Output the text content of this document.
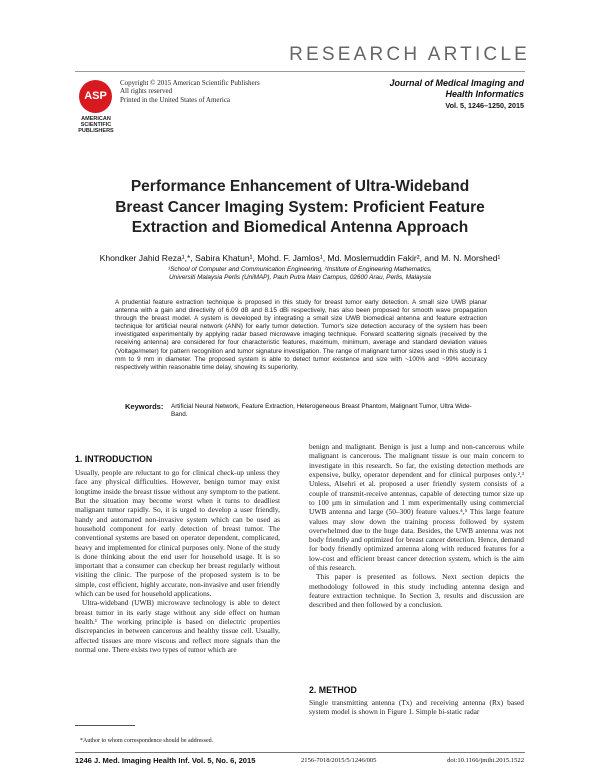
RESEARCH ARTICLE
ASP
AMERICAN SCIENTIFIC PUBLISHERS
Copyright © 2015 American Scientific Publishers
All rights reserved
Printed in the United States of America
Journal of Medical Imaging and
Health Informatics
Vol. 5, 1246–1250, 2015
Performance Enhancement of Ultra-Wideband
Breast Cancer Imaging System: Proficient Feature
Extraction and Biomedical Antenna Approach
Khondker Jahid Reza¹,*, Sabira Khatun¹, Mohd. F. Jamlos¹, Md. Moslemuddin Fakir², and M. N. Morshed¹
¹School of Computer and Communication Engineering, ²Institute of Engineering Mathematics,
Universiti Malaysia Perlis (UniMAP), Pauh Putra Main Campus, 02600 Arau, Perlis, Malaysia
A prudential feature extraction technique is proposed in this study for breast tumor early detection. A small size UWB planar antenna with a gain and directivity of 6.09 dB and 8.15 dBi respectively, has also been proposed for smooth wave propagation through the breast model. A system is developed by integrating a small size UWB biomedical antenna and feature extraction technique for artificial neural network (ANN) for early tumor detection. Tumor's size detection accuracy of the system has been investigated experimentally by applying radar based microwave imaging technique. Forward scattering signals (received by the receiving antenna) are considered for four characteristic features, maximum, minimum, average and standard deviation values (Voltage/meter) for pattern recognition and tumor signature investigation. The range of malignant tumor sizes used in this study is 1 mm to 9 mm in diameter. The proposed system is able to detect tumor existence and size with ~100% and ~99% accuracy respectively within reasonable time delay, showing its superiority.
Keywords: Artificial Neural Network, Feature Extraction, Heterogeneous Breast Phantom, Malignant Tumor, Ultra Wide-Band.
1. INTRODUCTION

Usually, people are reluctant to go for clinical check-up unless they face any physical difficulties. However, benign tumor may exist longtime inside the breast tissue without any symptom to the patient. But the situation may become worst when it turns to deadliest malignant tumor rapidly. So, it is urged to develop a user friendly, handy and automated non-invasive system which can be used as household component for early detection of breast tumor. The conventional systems are based on operator dependent, complicated, heavy and implemented for clinical purposes only. None of the study is done thinking about the end user for household usage. It is so important that a consumer can checkup her breast regularly without visiting the clinic. The purpose of the proposed system is to be simple, cost efficient, highly accurate, non-invasive and user friendly which can be used for household applications.

Ultra-wideband (UWB) microwave technology is able to detect breast tumor in its early stage without any side effect on human health.¹ The working principle is based on dielectric properties discrepancies in between cancerous and healthy tissue cell. Usually, affected tissues are more viscous and reflect more signals than the normal one. There exists two types of tumor which are

benign and malignant. Benign is just a lump and non-cancerous while malignant is cancerous. The malignant tissue is our main concern to investigate in this research. So far, the existing detection methods are expensive, bulky, operator dependent and for clinical purposes only.²,³ Unless, Alsehri et al. proposed a user friendly system consists of a couple of transmit-receive antennas, capable of detecting tumor size up to 100 µm in simulation and 1 mm experimentally using commercial UWB antenna and large (50–300) feature values.⁴,⁵ This large feature values may slow down the training process followed by system overwhelmed due to the huge data. Besides, the UWB antenna was not body friendly and optimized for breast cancer detection. Hence, demand for body friendly optimized antenna along with reduced features for a low-cost and efficient breast cancer detection system, which is the aim of this research.

This paper is presented as follows. Next section depicts the methodology followed in this study including antenna design and feature extraction technique. In Section 3, results and discussion are described and then followed by a conclusion.

2. METHOD
Single transmitting antenna (Tx) and receiving antenna (Rx) based system model is shown in Figure 1. Simple bi-static radar
*Author to whom correspondence should be addressed.
1246 J. Med. Imaging Health Inf. Vol. 5, No. 6, 2015	2156-7018/2015/5/1246/005	doi:10.1166/jmihi.2015.1522
